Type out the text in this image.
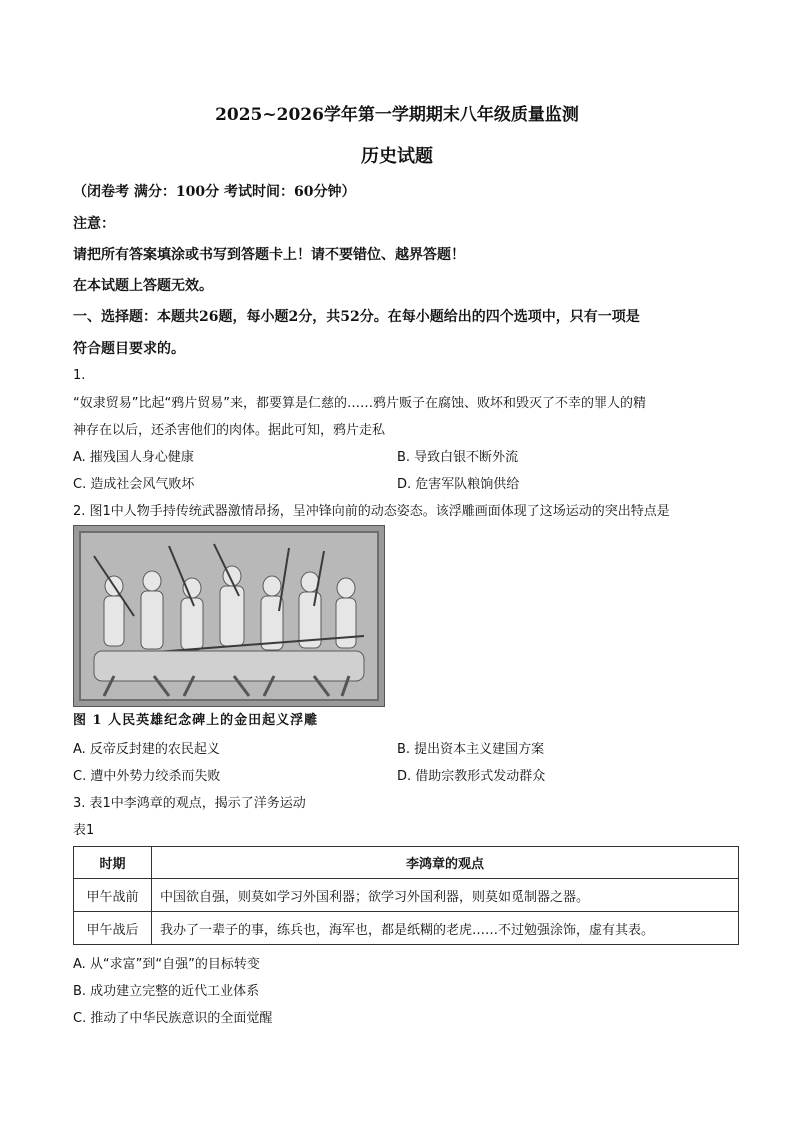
2025~2026学年第一学期期末八年级质量监测
历史试题
（闭卷考 满分：100分 考试时间：60分钟）
注意：
请把所有答案填涂或书写到答题卡上！请不要错位、越界答题！
在本试题上答题无效。
一、选择题：本题共26题，每小题2分，共52分。在每小题给出的四个选项中，只有一项是
符合题目要求的。
1.
“奴隶贸易”比起“鸦片贸易”来，都要算是仁慈的……鸦片贩子在腐蚀、败坏和毁灭了不幸的罪人的精
神存在以后，还杀害他们的肉体。据此可知，鸦片走私
A. 摧残国人身心健康	B. 导致白银不断外流
C. 造成社会风气败坏	D. 危害军队粮饷供给
2. 图1中人物手持传统武器激情昂扬，呈冲锋向前的动态姿态。该浮雕画面体现了这场运动的突出特点是
图 1 人民英雄纪念碑上的金田起义浮雕
A. 反帝反封建的农民起义	B. 提出资本主义建国方案
C. 遭中外势力绞杀而失败	D. 借助宗教形式发动群众
3. 表1中李鸿章的观点，揭示了洋务运动
表1
时期	李鸿章的观点
甲午战前	中国欲自强，则莫如学习外国利器；欲学习外国利器，则莫如觅制器之器。
甲午战后	我办了一辈子的事，练兵也，海军也，都是纸糊的老虎……不过勉强涂饰，虚有其表。
A. 从“求富”到“自强”的目标转变
B. 成功建立完整的近代工业体系
C. 推动了中华民族意识的全面觉醒
